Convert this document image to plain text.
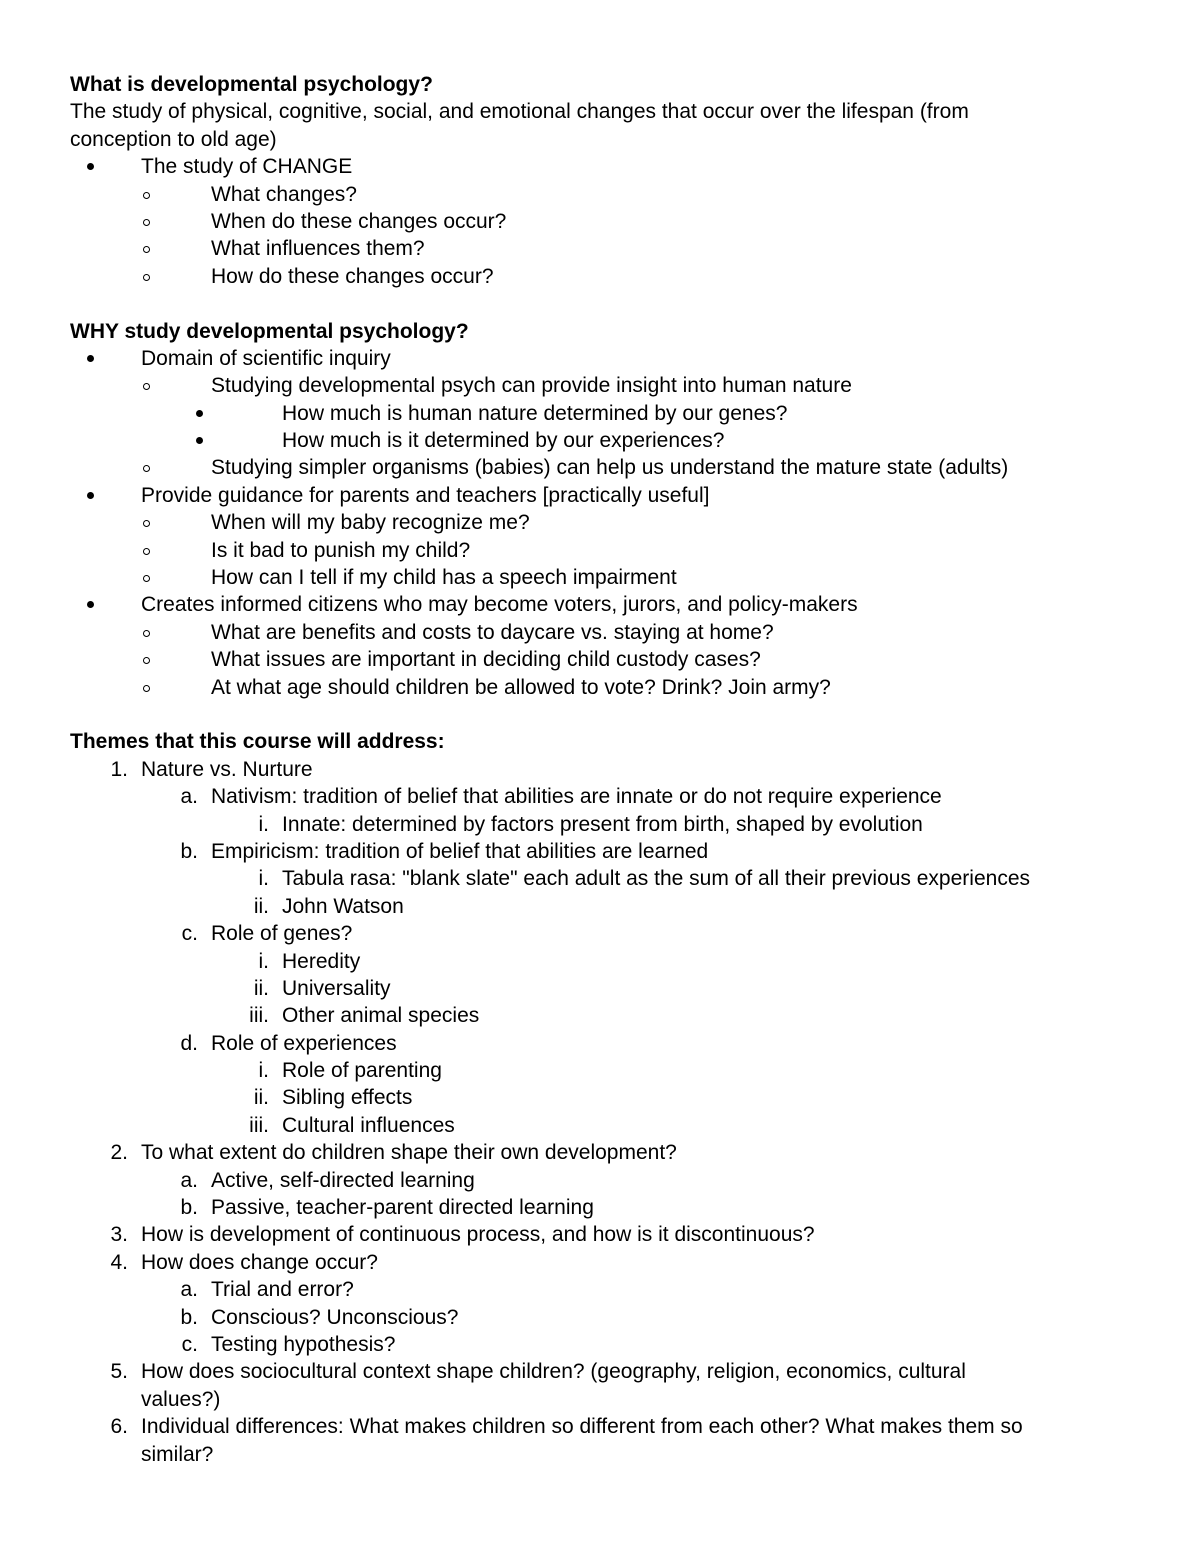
What is developmental psychology?
The study of physical, cognitive, social, and emotional changes that occur over the lifespan (from
conception to old age)
The study of CHANGE
What changes?
When do these changes occur?
What influences them?
How do these changes occur?
WHY study developmental psychology?
Domain of scientific inquiry
Studying developmental psych can provide insight into human nature
How much is human nature determined by our genes?
How much is it determined by our experiences?
Studying simpler organisms (babies) can help us understand the mature state (adults)
Provide guidance for parents and teachers [practically useful]
When will my baby recognize me?
Is it bad to punish my child?
How can I tell if my child has a speech impairment
Creates informed citizens who may become voters, jurors, and policy-makers
What are benefits and costs to daycare vs. staying at home?
What issues are important in deciding child custody cases?
At what age should children be allowed to vote? Drink? Join army?
Themes that this course will address:
1. Nature vs. Nurture
a. Nativism: tradition of belief that abilities are innate or do not require experience
i. Innate: determined by factors present from birth, shaped by evolution
b. Empiricism: tradition of belief that abilities are learned
i. Tabula rasa: "blank slate" each adult as the sum of all their previous experiences
ii. John Watson
c. Role of genes?
i. Heredity
ii. Universality
iii. Other animal species
d. Role of experiences
i. Role of parenting
ii. Sibling effects
iii. Cultural influences
2. To what extent do children shape their own development?
a. Active, self-directed learning
b. Passive, teacher-parent directed learning
3. How is development of continuous process, and how is it discontinuous?
4. How does change occur?
a. Trial and error?
b. Conscious? Unconscious?
c. Testing hypothesis?
5. How does sociocultural context shape children? (geography, religion, economics, cultural
values?)
6. Individual differences: What makes children so different from each other? What makes them so
similar?
